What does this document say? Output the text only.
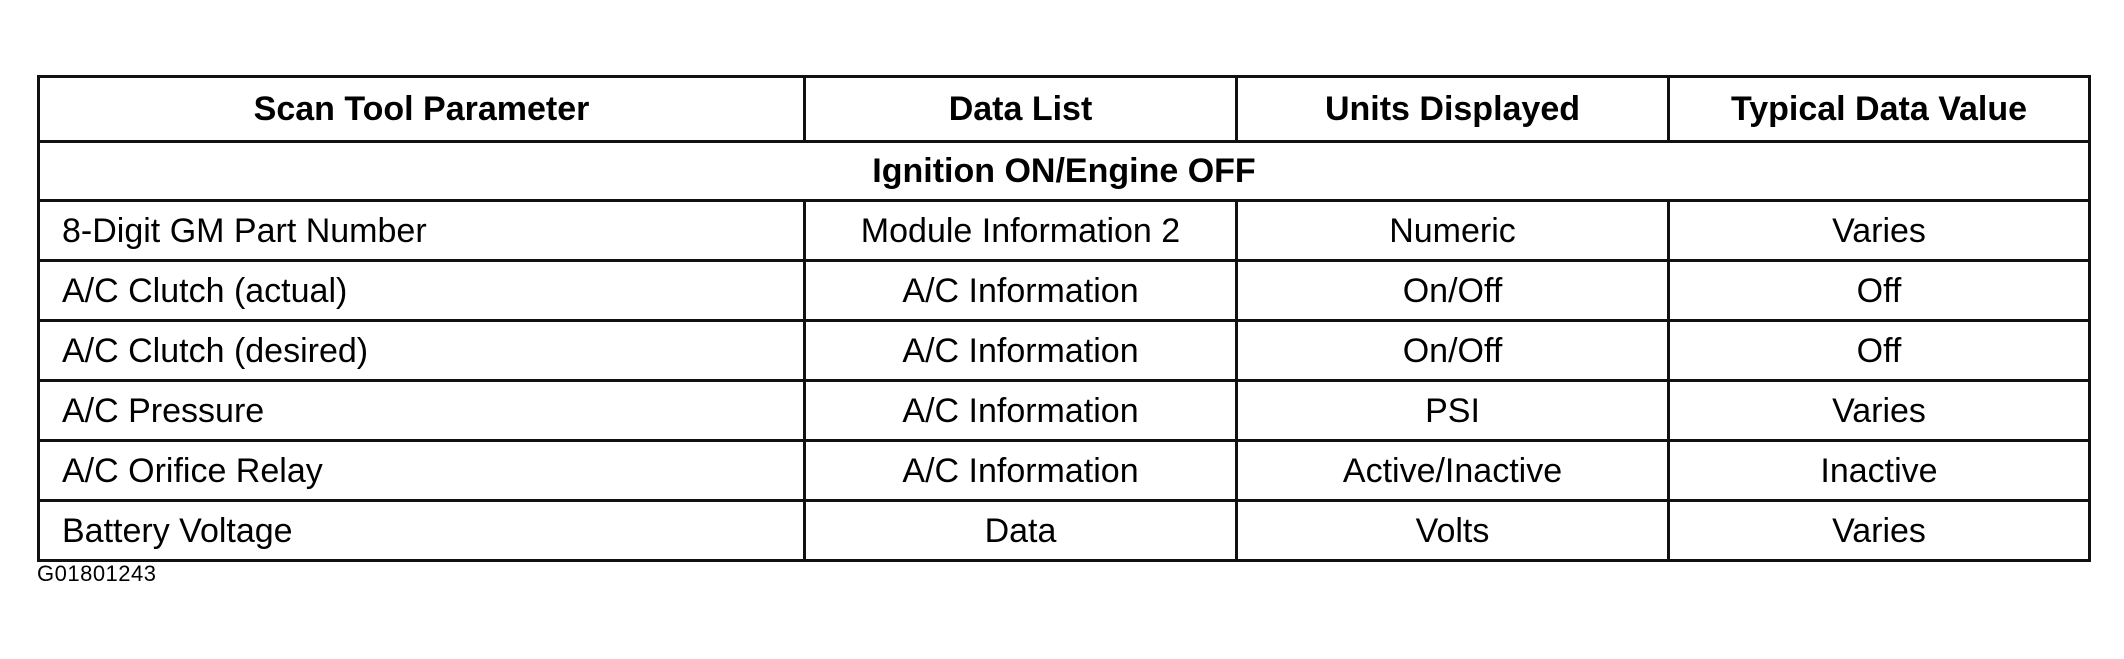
Scan Tool Parameter	Data List	Units Displayed	Typical Data Value
Ignition ON/Engine OFF			
8-Digit GM Part Number	Module Information 2	Numeric	Varies
A/C Clutch (actual)	A/C Information	On/Off	Off
A/C Clutch (desired)	A/C Information	On/Off	Off
A/C Pressure	A/C Information	PSI	Varies
A/C Orifice Relay	A/C Information	Active/Inactive	Inactive
Battery Voltage	Data	Volts	Varies
G01801243
